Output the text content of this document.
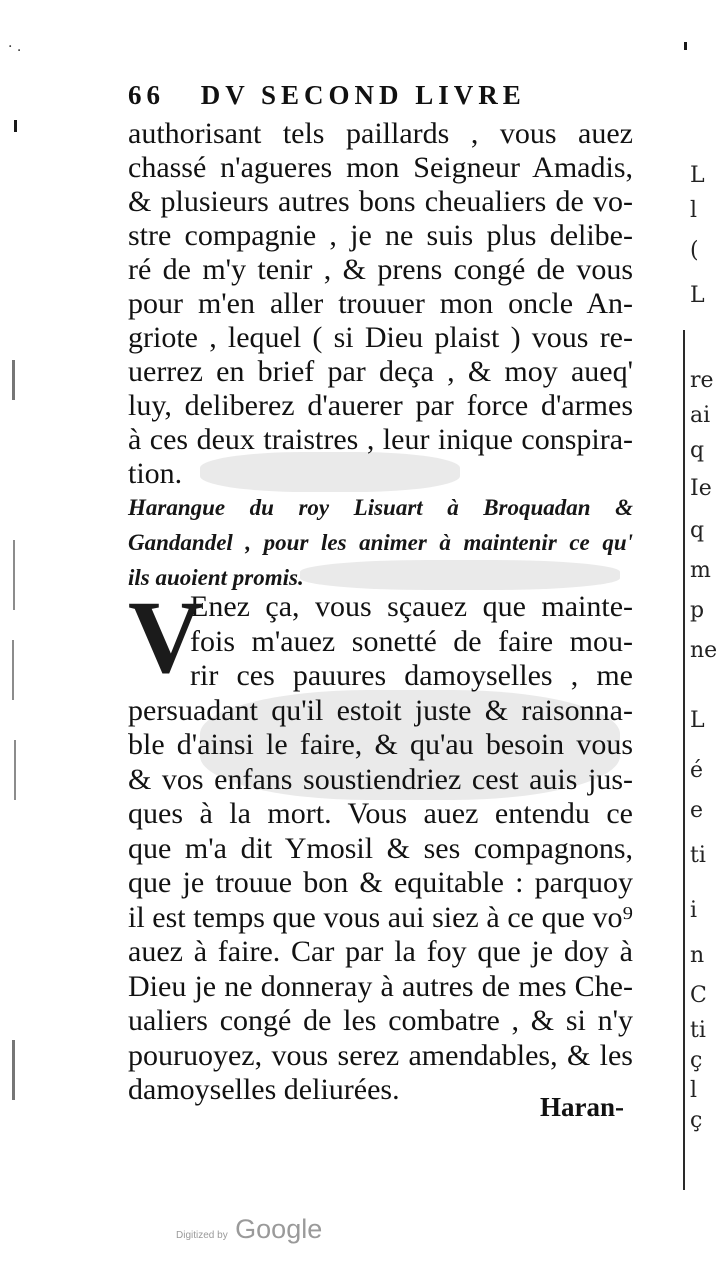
· .
L
l
(
L
re
ai
q
Ie
q
m
p
ne
L
é
e
ti
i
n
C
ti
ç
l
ç
66 DV SECOND LIVRE
authorisant tels paillards , vous auez
chassé n'agueres mon Seigneur Amadis,
& plusieurs autres bons cheualiers de vo-
stre compagnie , je ne suis plus delibe-
ré de m'y tenir , & prens congé de vous
pour m'en aller trouuer mon oncle An-
griote , lequel ( si Dieu plaist ) vous re-
uerrez en brief par deça , & moy aueq'
luy, deliberez d'auerer par force d'armes
à ces deux traistres , leur inique conspira-
tion.
Harangue du roy Lisuart à Broquadan &
Gandandel , pour les animer à maintenir ce qu'
ils auoient promis.
V
Enez ça, vous sçauez que mainte-
fois m'auez sonetté de faire mou-
rir ces pauures damoyselles , me
persuadant qu'il estoit juste & raisonna-
ble d'ainsi le faire, & qu'au besoin vous
& vos enfans soustiendriez cest auis jus-
ques à la mort. Vous auez entendu ce
que m'a dit Ymosil & ses compagnons,
que je trouue bon & equitable : parquoy
il est temps que vous aui siez à ce que vo⁹
auez à faire. Car par la foy que je doy à
Dieu je ne donneray à autres de mes Che-
ualiers congé de les combatre , & si n'y
pouruoyez, vous serez amendables, & les
damoyselles deliurées.
Haran-
Digitized by Google
